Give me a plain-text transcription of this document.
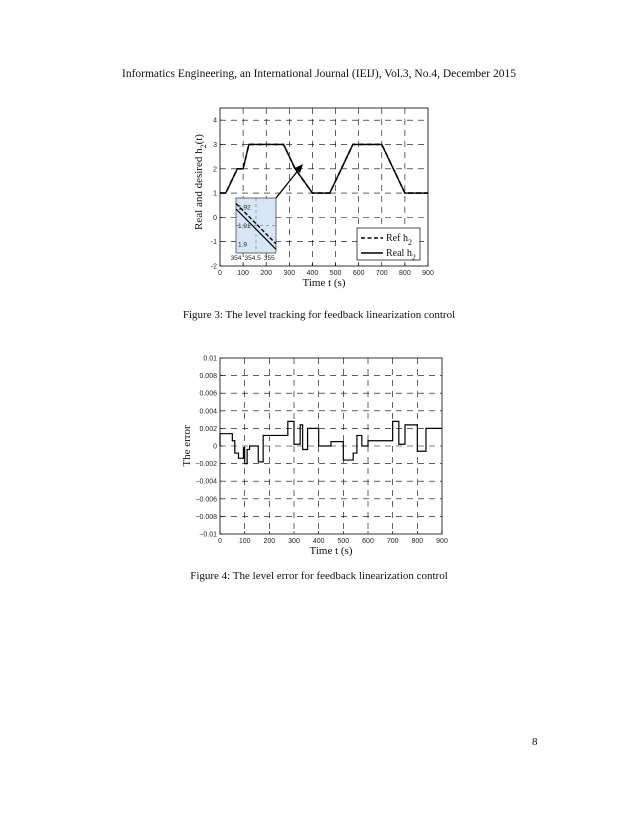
Informatics Engineering, an International Journal (IEIJ), Vol.3, No.4, December 2015
0 100 200 300 400 500 600 700 800 900
-2
-1
0
1
2
3
4
1.9
1.91
1.92
354 354.5 355
Ref $h_2$
Real $h_2$
Time t (s)
Real and desired $h_2(t)$
Figure 3: The level tracking for feedback linearization control
0 100 200 300 400 500 600 700 800 900
0.01
0.008
0.006
0.004
0.002
0
−0.002
−0.004
−0.006
−0.008
−0.01
Time t (s)
The error
Figure 4: The level error for feedback linearization control
8
